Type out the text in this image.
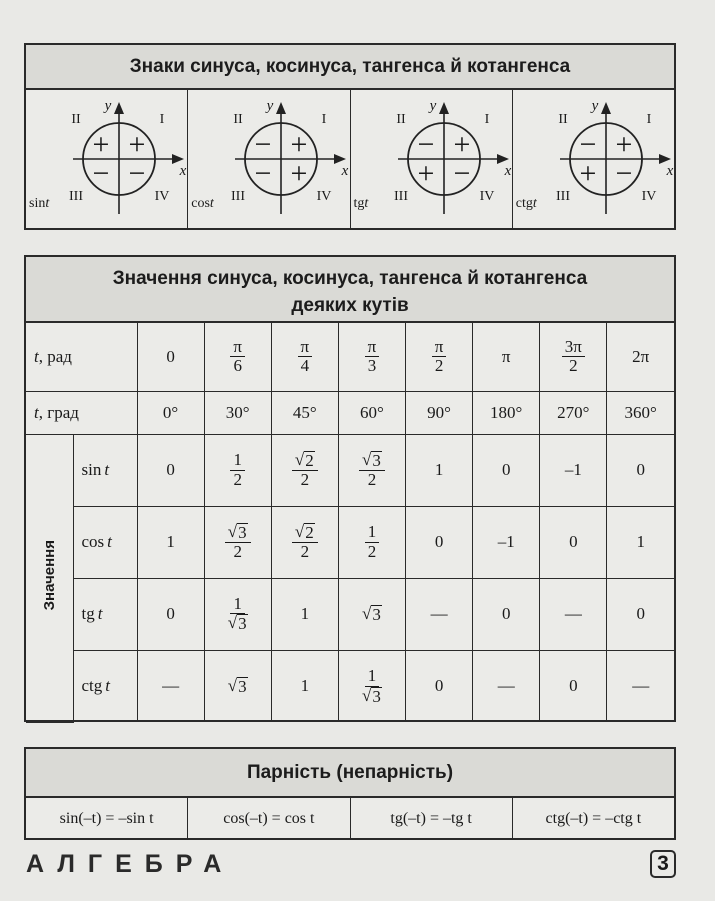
Знаки синуса, косинуса, тангенса й котангенса
II	I
III	IV
y
x
+
+
− −
sint
II	I
III	IV
y
x
+
−
− +
cost
II	I
III	IV
y
x
+
−
+ −
tgt
II	I
III	IV
y
x
+
−
+ −
ctgt
Значення синуса, косинуса, тангенса й котангенса
деяких кутів
t, рад		0	$\frac{\pi}{6}$	$\frac{\pi}{4}$	$\frac{\pi}{3}$	$\frac{\pi}{2}$	π	$\frac{3\pi}{2}$	2π
t, град		0°	30°	45°	60°	90°	180°	270°	360°
Значення	sin t	0	$\frac{1}{2}$	$\frac{√ 2}{2}$	$\frac{√ 3}{2}$	1	0	–1	0
	cos t	1	$\frac{√ 3}{2}$	$\frac{√ 2}{2}$	$\frac{1}{2}$	0	–1	0	1
	tg t	0	$\frac{1}{√ 3}$	1	√ 3	—	0	—	0
	ctg t	—	√ 3	1	$\frac{1}{√ 3}$	0	—	0	—
Парність (непарність)
sin(–t) = –sin t	cos(–t) = cos t	tg(–t) = –tg t	ctg(–t) = –ctg t
АЛГЕБРА	3
